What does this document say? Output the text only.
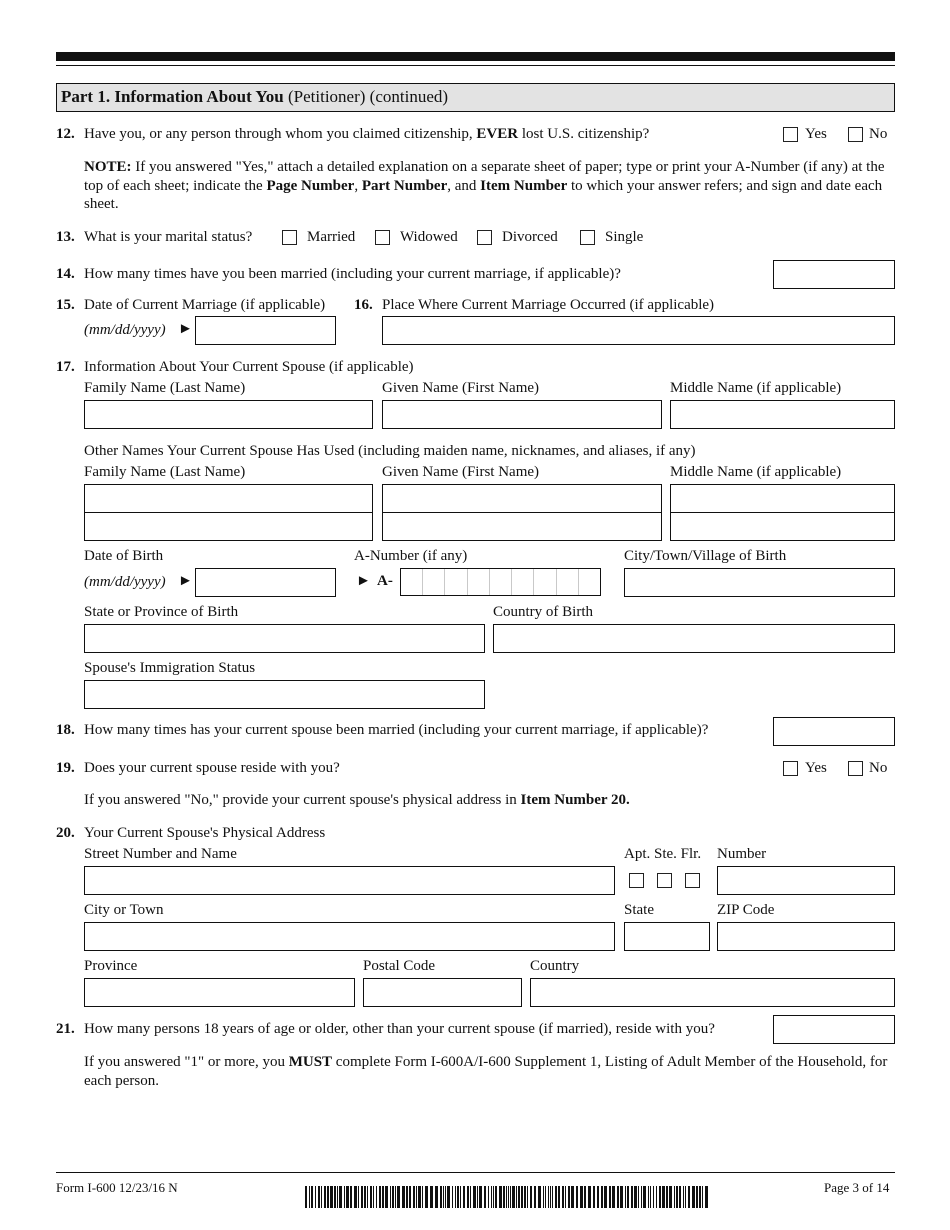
Part 1. Information About You (Petitioner) (continued)
12. Have you, or any person through whom you claimed citizenship, EVER lost U.S. citizenship?	Yes	No
NOTE: If you answered "Yes," attach a detailed explanation on a separate sheet of paper; type or print your A-Number (if any) at the top of each sheet; indicate the Page Number, Part Number, and Item Number to which your answer refers; and sign and date each sheet.
13. What is your marital status?	Married	Widowed	Divorced	Single
14. How many times have you been married (including your current marriage, if applicable)?
15. Date of Current Marriage (if applicable)
(mm/dd/yyyy) ►
16. Place Where Current Marriage Occurred (if applicable)
17. Information About Your Current Spouse (if applicable)
Family Name (Last Name)	Given Name (First Name)	Middle Name (if applicable)
Other Names Your Current Spouse Has Used (including maiden name, nicknames, and aliases, if any)
Family Name (Last Name)	Given Name (First Name)	Middle Name (if applicable)
Date of Birth
(mm/dd/yyyy) ►
A-Number (if any)
► A-
City/Town/Village of Birth
State or Province of Birth	Country of Birth
Spouse's Immigration Status
18. How many times has your current spouse been married (including your current marriage, if applicable)?
19. Does your current spouse reside with you?	Yes	No
If you answered "No," provide your current spouse's physical address in Item Number 20.
20. Your Current Spouse's Physical Address
Street Number and Name	Apt. Ste. Flr. Number
City or Town	State	ZIP Code
Province	Postal Code	Country
21. How many persons 18 years of age or older, other than your current spouse (if married), reside with you?
If you answered "1" or more, you MUST complete Form I-600A/I-600 Supplement 1, Listing of Adult Member of the Household, for each person.
Form I-600 12/23/16 N	Page 3 of 14
